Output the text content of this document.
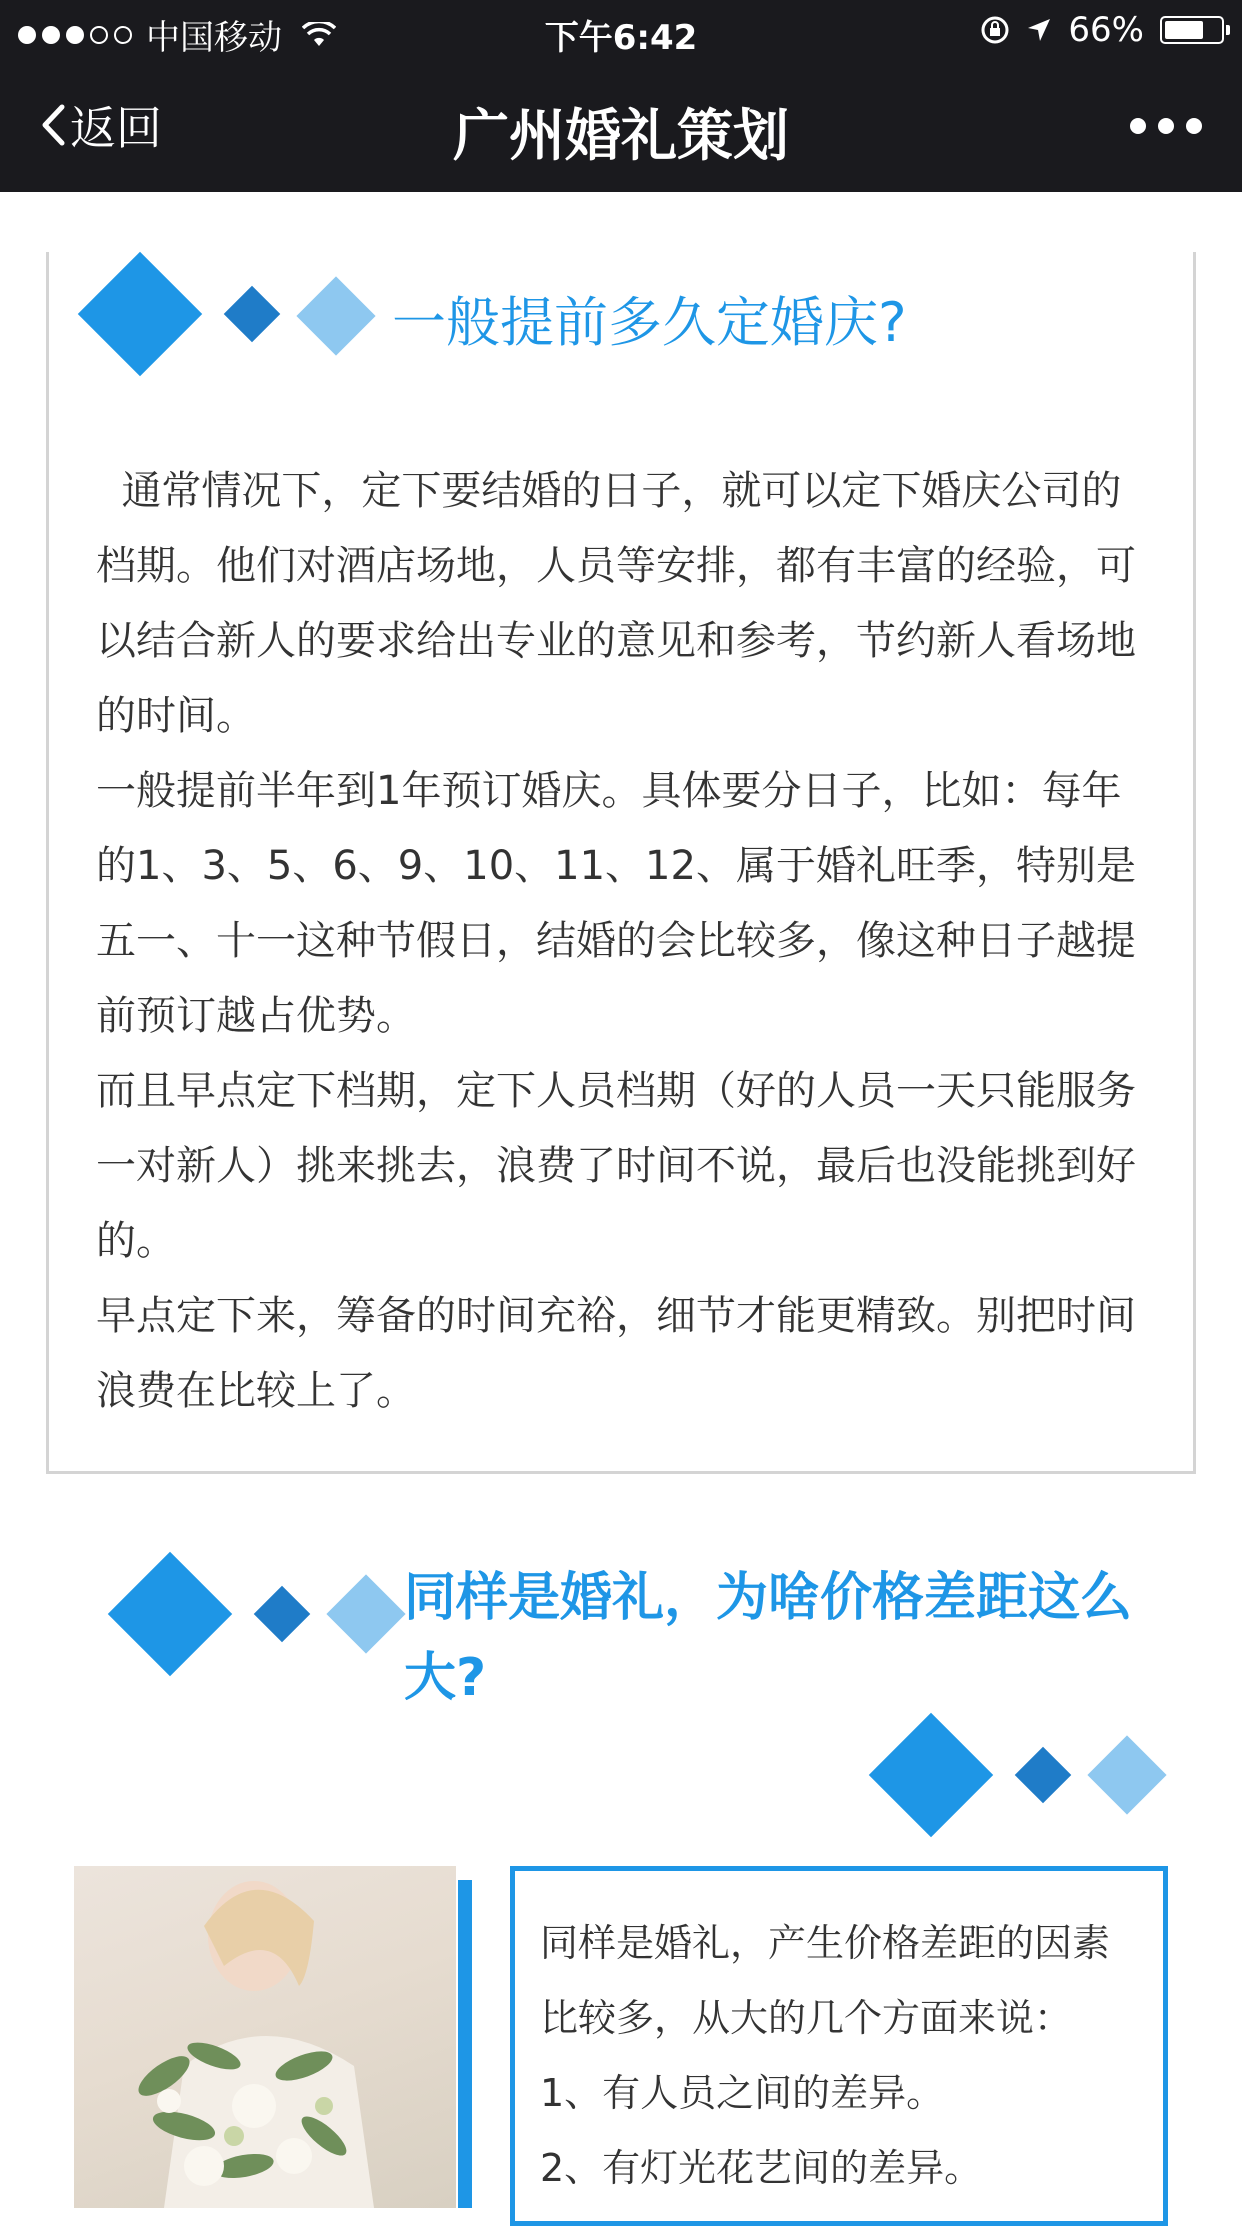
中国移动	下午6:42	66%
返回	广州婚礼策划
一般提前多久定婚庆?

通常情况下，定下要结婚的日子，就可以定下婚庆公司的档期。他们对酒店场地，人员等安排，都有丰富的经验，可以结合新人的要求给出专业的意见和参考，节约新人看场地的时间。

一般提前半年到1年预订婚庆。具体要分日子，比如：每年的1、3、5、6、9、10、11、12、属于婚礼旺季，特别是五一、十一这种节假日，结婚的会比较多，像这种日子越提前预订越占优势。

而且早点定下档期，定下人员档期（好的人员一天只能服务一对新人）挑来挑去，浪费了时间不说，最后也没能挑到好的。

早点定下来，筹备的时间充裕，细节才能更精致。别把时间浪费在比较上了。

同样是婚礼，为啥价格差距这么大?

同样是婚礼，产生价格差距的因素比较多，从大的几个方面来说：

1、有人员之间的差异。

2、有灯光花艺间的差异。
